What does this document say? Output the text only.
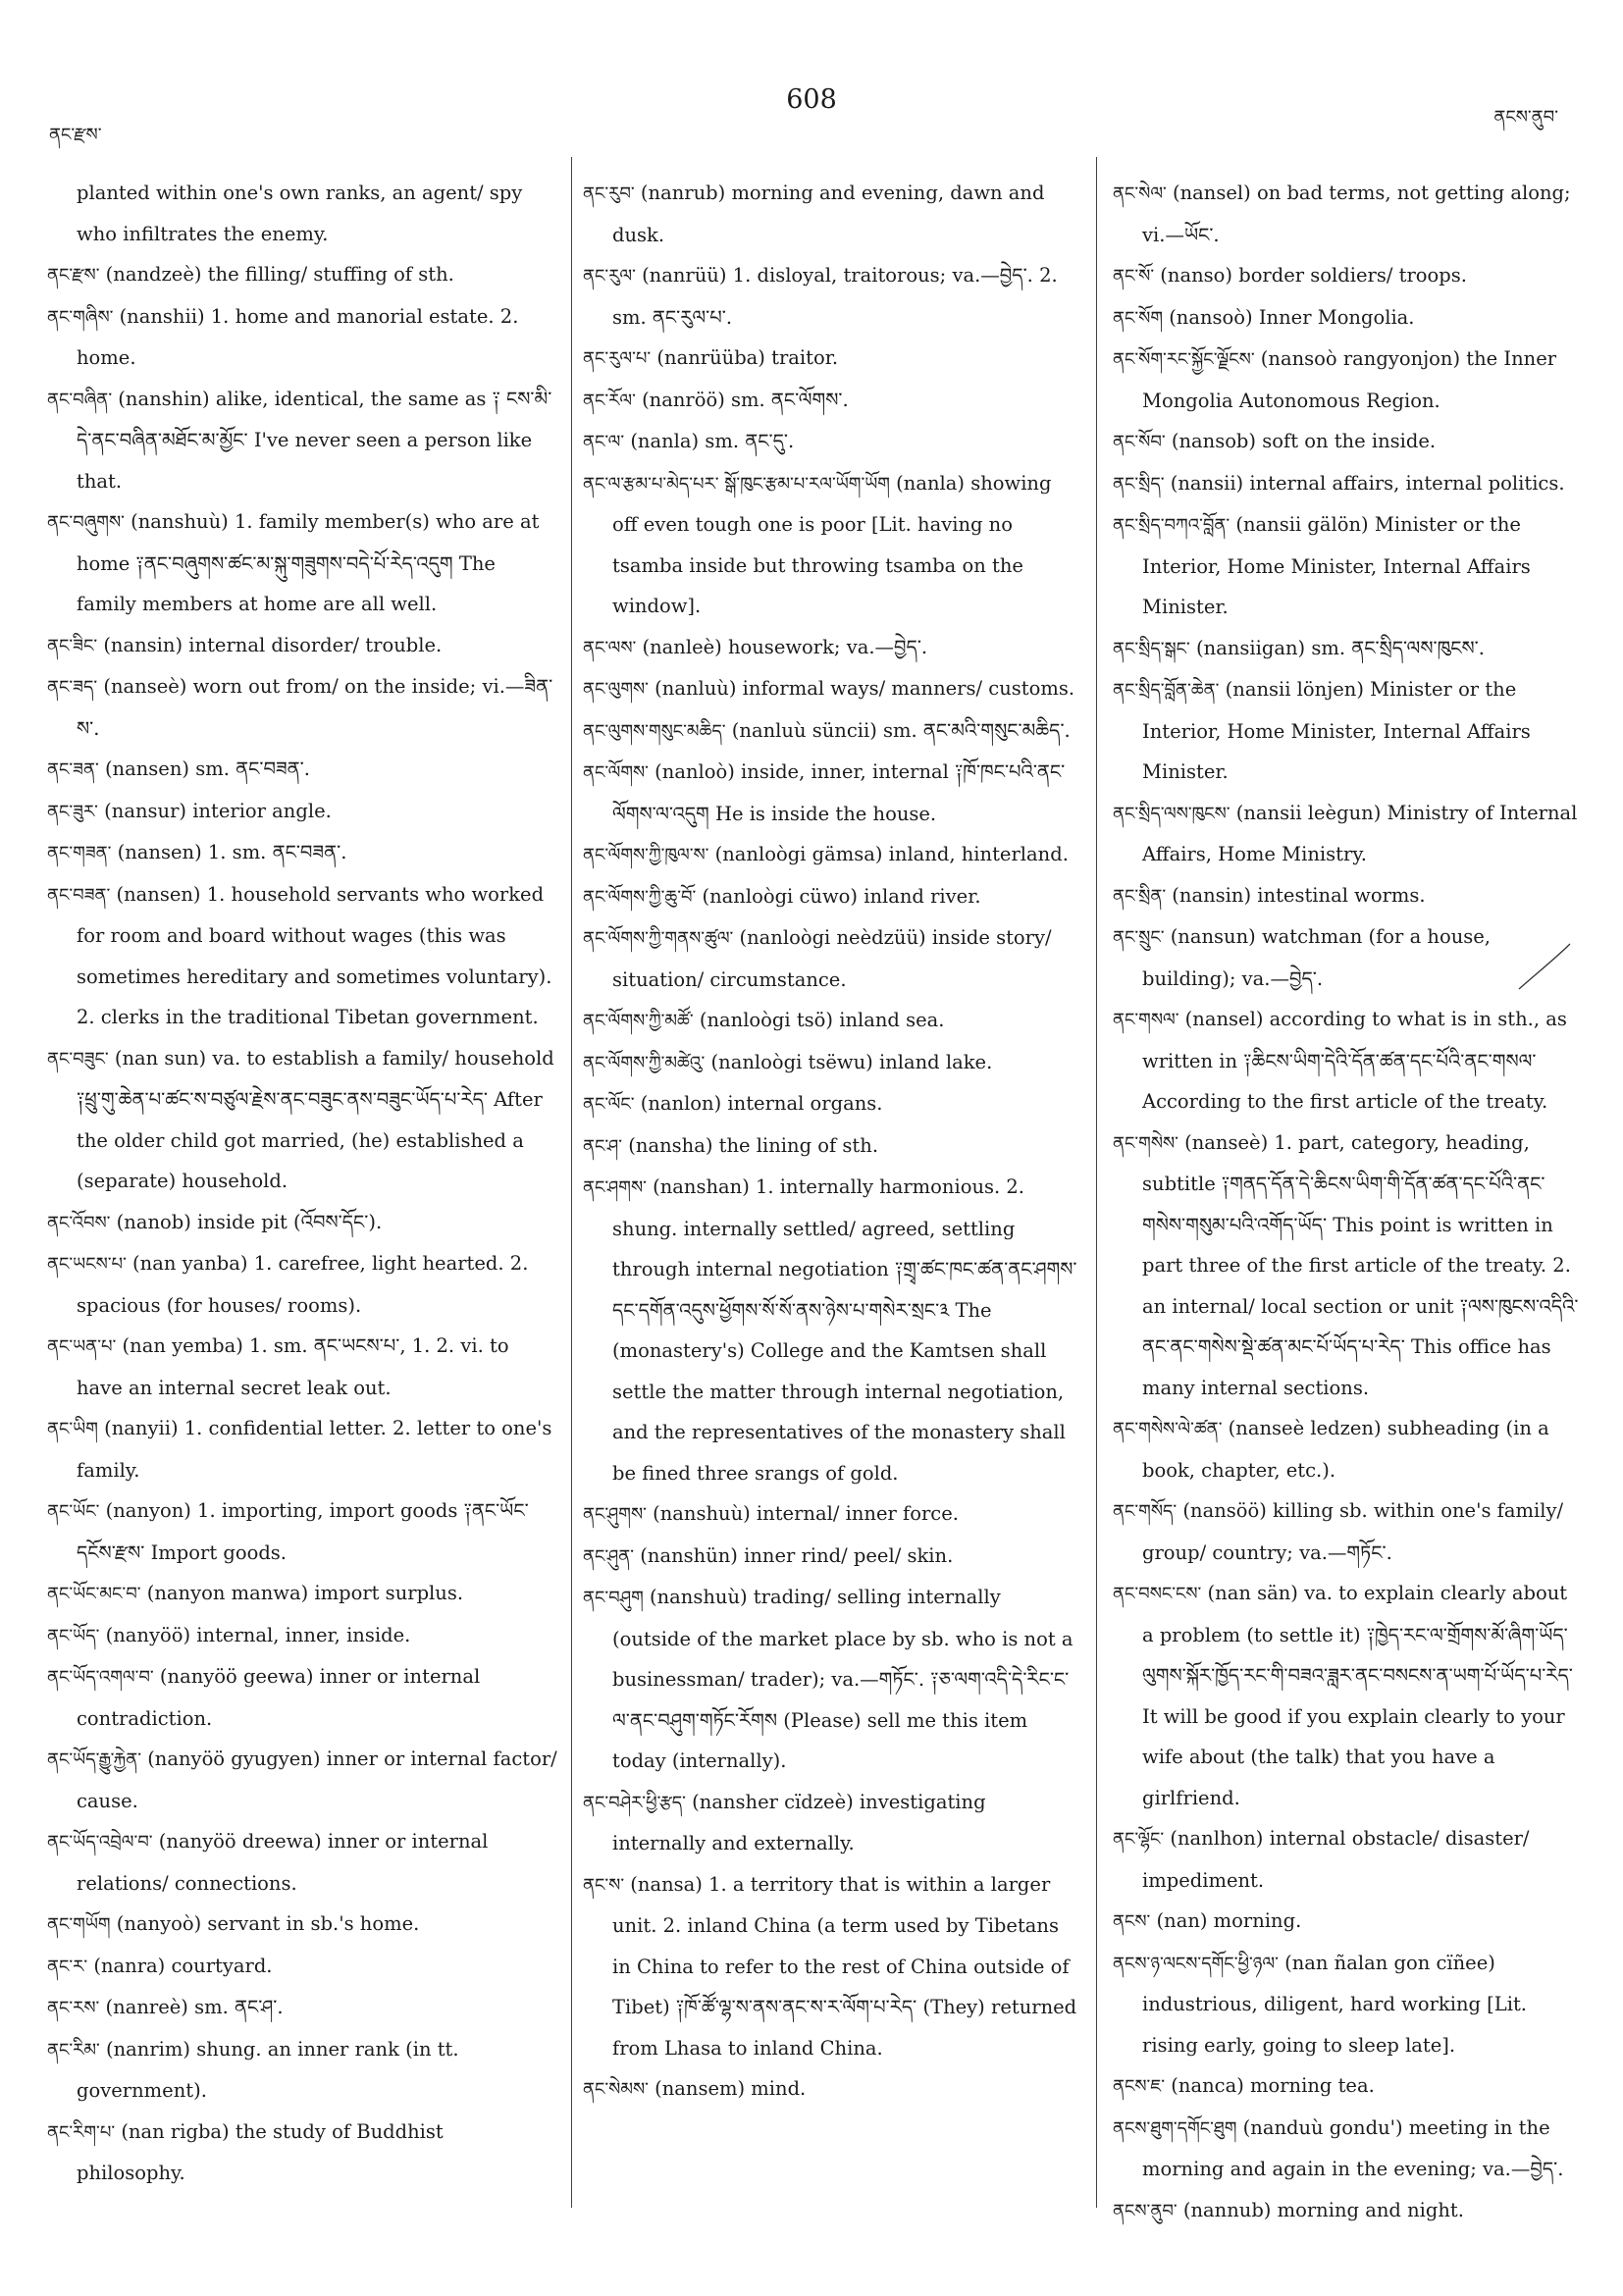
608
ནང་རྫས་
ནངས་ནུབ་

planted within one's own ranks, an agent/ spy who infiltrates the enemy.

ནང་རྫས་ (nandzeè) the filling/ stuffing of sth.

ནང་གཞིས་ (nanshii) 1. home and manorial estate. 2. home.

ནང་བཞིན་ (nanshin) alike, identical, the same as ༑ ངས་མི་དེ་ནང་བཞིན་མཐོང་མ་མྱོང་ I've never seen a person like that.

ནང་བཞུགས་ (nanshuù) 1. family member(s) who are at home ༑ནང་བཞུགས་ཚང་མ་སྐུ་གཟུགས་བདེ་པོ་རེད་འདུག The family members at home are all well.

ནང་ཟིང་ (nansin) internal disorder/ trouble.

ནང་ཟད་ (nanseè) worn out from/ on the inside; vi.—ཟིན་ས་.

ནང་ཟན་ (nansen) sm. ནང་བཟན་.

ནང་ཟུར་ (nansur) interior angle.

ནང་གཟན་ (nansen) 1. sm. ནང་བཟན་.

ནང་བཟན་ (nansen) 1. household servants who worked for room and board without wages (this was sometimes hereditary and sometimes voluntary). 2. clerks in the traditional Tibetan government.

ནང་བཟུང་ (nan sun) va. to establish a family/ household ༑ཕྲུ་གུ་ཆེན་པ་ཚང་ས་བཙུལ་རྗེས་ནང་བཟུང་ནས་བཟུང་ཡོད་པ་རེད་ After the older child got married, (he) established a (separate) household.

ནང་འོབས་ (nanob) inside pit (འོབས་དོང་).

ནང་ཡངས་པ་ (nan yanba) 1. carefree, light hearted. 2. spacious (for houses/ rooms).

ནང་ཡན་པ་ (nan yemba) 1. sm. ནང་ཡངས་པ་, 1. 2. vi. to have an internal secret leak out.

ནང་ཡིག (nanyii) 1. confidential letter. 2. letter to one's family.

ནང་ཡོང་ (nanyon) 1. importing, import goods ༑ནང་ཡོང་དངོས་རྫས་ Import goods.

ནང་ཡོང་མང་བ་ (nanyon manwa) import surplus.

ནང་ཡོད་ (nanyöö) internal, inner, inside.

ནང་ཡོད་འགལ་བ་ (nanyöö geewa) inner or internal contradiction.

ནང་ཡོད་རྒྱུ་རྐྱེན་ (nanyöö gyugyen) inner or internal factor/ cause.

ནང་ཡོད་འབྲེལ་བ་ (nanyöö dreewa) inner or internal relations/ connections.

ནང་གཡོག (nanyoò) servant in sb.'s home.

ནང་ར་ (nanra) courtyard.

ནང་རས་ (nanreè) sm. ནང་ཤ་.

ནང་རིམ་ (nanrim) shung. an inner rank (in tt. government).

ནང་རིག་པ་ (nan rigba) the study of Buddhist philosophy.

ནང་རུབ་ (nanrub) morning and evening, dawn and dusk.

ནང་རུལ་ (nanrüü) 1. disloyal, traitorous; va.—བྱེད་. 2. sm. ནང་རུལ་པ་.

ནང་རུལ་པ་ (nanrüüba) traitor.

ནང་རོལ་ (nanröö) sm. ནང་ལོགས་.

ནང་ལ་ (nanla) sm. ནང་དུ་.

ནང་ལ་རྩམ་པ་མེད་པར་ སྒོ་ཁུང་རྩམ་པ་རལ་ཡོག་ཡོག (nanla) showing off even tough one is poor [Lit. having no tsamba inside but throwing tsamba on the window].

ནང་ལས་ (nanleè) housework; va.—བྱེད་.

ནང་ལུགས་ (nanluù) informal ways/ manners/ customs.

ནང་ལུགས་གསུང་མཆིད་ (nanluù süncii) sm. ནང་མའི་གསུང་མཆིད་.

ནང་ལོགས་ (nanloò) inside, inner, internal ༑ཁོ་ཁང་པའི་ནང་ལོགས་ལ་འདུག He is inside the house.

ནང་ལོགས་ཀྱི་ཁུལ་ས་ (nanloògi gämsa) inland, hinterland.

ནང་ལོགས་ཀྱི་ཆུ་བོ་ (nanloògi cüwo) inland river.

ནང་ལོགས་ཀྱི་གནས་ཚུལ་ (nanloògi neèdzüü) inside story/ situation/ circumstance.

ནང་ལོགས་ཀྱི་མཚོ་ (nanloògi tsö) inland sea.

ནང་ལོགས་ཀྱི་མཚེའུ་ (nanloògi tsëwu) inland lake.

ནང་ལོང་ (nanlon) internal organs.

ནང་ཤ་ (nansha) the lining of sth.

ནང་ཤགས་ (nanshan) 1. internally harmonious. 2. shung. internally settled/ agreed, settling through internal negotiation ༑གྲྭ་ཚང་ཁང་ཚན་ནང་ཤགས་དང་དགོན་འདུས་ཕྱོགས་སོ་སོ་ནས་ཉེས་པ་གསེར་སྲང་༣ The (monastery's) College and the Kamtsen shall settle the matter through internal negotiation, and the representatives of the monastery shall be fined three srangs of gold.

ནང་ཤུགས་ (nanshuù) internal/ inner force.

ནང་ཤུན་ (nanshün) inner rind/ peel/ skin.

ནང་བཤུག (nanshuù) trading/ selling internally (outside of the market place by sb. who is not a businessman/ trader); va.—གཏོང་. ༑ཅ་ལག་འདི་དེ་རིང་ང་ལ་ནང་བཤུག་གཏོང་རོགས (Please) sell me this item today (internally).

ནང་བཤེར་ཕྱི་རྩད་ (nansher cïdzeè) investigating internally and externally.

ནང་ས་ (nansa) 1. a territory that is within a larger unit. 2. inland China (a term used by Tibetans in China to refer to the rest of China outside of Tibet) ༑ཁོ་ཚོ་ལྷ་ས་ནས་ནང་ས་ར་ལོག་པ་རེད་ (They) returned from Lhasa to inland China.

ནང་སེམས་ (nansem) mind.

ནང་སེལ་ (nansel) on bad terms, not getting along; vi.—ཡོང་.

ནང་སོ་ (nanso) border soldiers/ troops.

ནང་སོག (nansoò) Inner Mongolia.

ནང་སོག་རང་སྐྱོང་ལྗོངས་ (nansoò rangyonjon) the Inner Mongolia Autonomous Region.

ནང་སོབ་ (nansob) soft on the inside.

ནང་སྲིད་ (nansii) internal affairs, internal politics.

ནང་སྲིད་བཀའ་བློན་ (nansii gälön) Minister or the Interior, Home Minister, Internal Affairs Minister.

ནང་སྲིད་སྒང་ (nansiigan) sm. ནང་སྲིད་ལས་ཁུངས་.

ནང་སྲིད་བློན་ཆེན་ (nansii lönjen) Minister or the Interior, Home Minister, Internal Affairs Minister.

ནང་སྲིད་ལས་ཁུངས་ (nansii leègun) Ministry of Internal Affairs, Home Ministry.

ནང་སྲིན་ (nansin) intestinal worms.

ནང་སྲུང་ (nansun) watchman (for a house, building); va.—བྱེད་.

ནང་གསལ་ (nansel) according to what is in sth., as written in ༑ཆིངས་ཡིག་དེའི་དོན་ཚན་དང་པོའི་ནང་གསལ་ According to the first article of the treaty.

ནང་གསེས་ (nanseè) 1. part, category, heading, subtitle ༑གནད་དོན་དེ་ཆིངས་ཡིག་གི་དོན་ཚན་དང་པོའི་ནང་གསེས་གསུམ་པའི་འགོད་ཡོད་ This point is written in part three of the first article of the treaty. 2. an internal/ local section or unit ༑ལས་ཁུངས་འདིའི་ནང་ནང་གསེས་སྡེ་ཚན་མང་པོ་ཡོད་པ་རེད་ This office has many internal sections.

ནང་གསེས་ལེ་ཚན་ (nanseè ledzen) subheading (in a book, chapter, etc.).

ནང་གསོད་ (nansöö) killing sb. within one's family/ group/ country; va.—གཏོང་.

ནང་བསང་ངས་ (nan sän) va. to explain clearly about a problem (to settle it) ༑ཁྱེད་རང་ལ་གྲོགས་མོ་ཞིག་ཡོད་ལུགས་སྐོར་ཁྱོད་རང་གི་བཟའ་ཟླར་ནང་བསངས་ན་ཡག་པོ་ཡོད་པ་རེད་ It will be good if you explain clearly to your wife about (the talk) that you have a girlfriend.

ནང་ལྷོང་ (nanlhon) internal obstacle/ disaster/ impediment.

ནངས་ (nan) morning.

ནངས་ཉ་ལངས་དགོང་ཕྱི་ཉལ་ (nan ñalan gon cïñee) industrious, diligent, hard working [Lit. rising early, going to sleep late].

ནངས་ཇ་ (nanca) morning tea.

ནངས་ཐུག་དགོང་ཐུག (nanduù gondu') meeting in the morning and again in the evening; va.—བྱེད་.

ནངས་ནུབ་ (nannub) morning and night.
